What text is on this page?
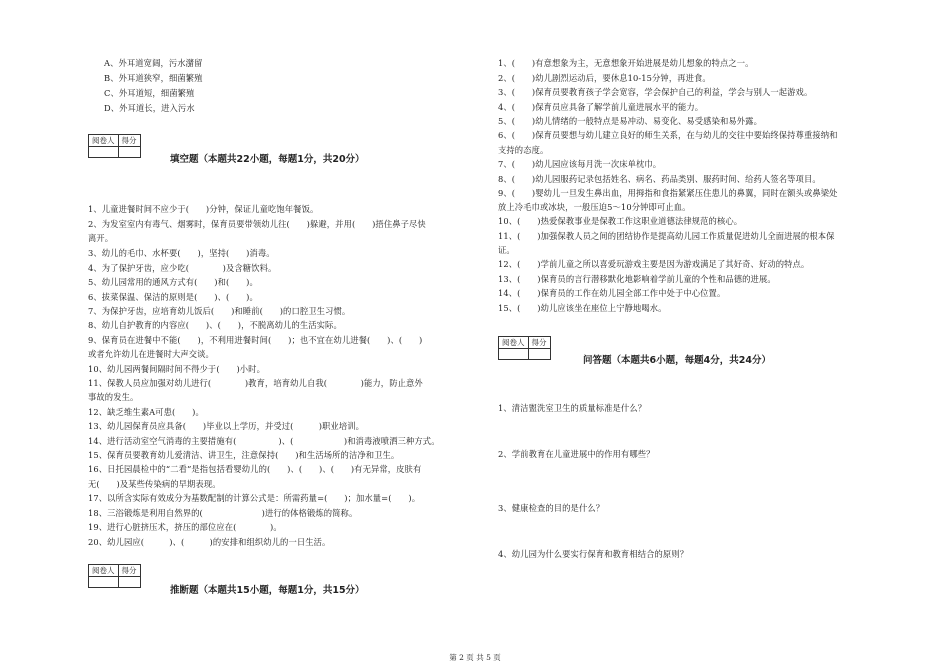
A、外耳道宽阔，污水潴留
B、外耳道狭窄，细菌繁殖
C、外耳道短，细菌繁殖
D、外耳道长，进入污水
阅卷人	得分

填空题（本题共22小题，每题1分，共20分）
1、儿童进餐时间不应少于(　　)分钟，保证儿童吃饱年餐饭。
2、为发室室内有毒气、烟雾时，保育员要带领幼儿往(　　)躲避，并用(　　)捂住鼻子尽快
离开。
3、幼儿的毛巾、水杯要(　　)，坚持(　　)消毒。
4、为了保护牙齿，应少吃(　　　　)及含糖饮料。
5、幼儿园常用的通风方式有(　　)和(　　)。
6、拔菜保温、保洁的原则是(　　)、(　　)。
7、为保护牙齿，应培育幼儿饭后(　　)和睡前(　　)的口腔卫生习惯。
8、幼儿自护教育的内容应(　　)、(　　)，不脱离幼儿的生活实际。
9、保育员在进餐中不能(　　)，不利用进餐时间(　　)；也不宜在幼儿进餐(　　)、(　　)
或者允许幼儿在进餐时大声交谈。
10、幼儿园两餐间隔时间不得少于(　　)小时。
11、保教人员应加强对幼儿进行(　　　　)教育，培育幼儿自我(　　　　)能力，防止意外
事故的发生。
12、缺乏维生素A可患(　　)。
13、幼儿园保育员应具备(　　)毕业以上学历，并受过(　　　)职业培训。
14、进行活动室空气消毒的主要措施有(　　　　　)、(　　　　　　)和消毒液喷洒三种方式。
15、保育员要教育幼儿爱清洁、讲卫生，注意保持(　　)和生活场所的洁净和卫生。
16、日托园晨检中的“二看”是指包括看婴幼儿的(　　)、(　　)、(　　)有无异常，皮肤有
无(　　)及某些传染病的早期表现。
17、以所含实际有效成分为基数配制的计算公式是：所需药量=(　　)；加水量=(　　)。
18、三浴锻炼是利用自然界的(　　　　　　　)进行的体格锻炼的简称。
19、进行心脏挤压术，挤压的部位应在(　　　　)。
20、幼儿园应(　　　)、(　　　)的安排和组织幼儿的一日生活。
阅卷人	得分

推断题（本题共15小题，每题1分，共15分）
1、(　　)有意想象为主，无意想象开始进展是幼儿想象的特点之一。
2、(　　)幼儿剧烈运动后，要休息10-15分钟，再进食。
3、(　　)保育员要教育孩子学会宽容，学会保护自己的利益，学会与别人一起游戏。
4、(　　)保育员应具备了解学前儿童进展水平的能力。
5、(　　)幼儿情绪的一般特点是易冲动、易变化、易受感染和易外露。
6、(　　)保育员要想与幼儿建立良好的师生关系，在与幼儿的交往中要始终保持尊重接纳和
支持的态度。
7、(　　)幼儿园应该每月洗一次床单枕巾。
8、(　　)幼儿园服药记录包括姓名、病名、药品类别、服药时间、给药人签名等项目。
9、(　　)婴幼儿一旦发生鼻出血，用拇指和食指紧紧压住患儿的鼻翼，同时在额头或鼻梁处
放上冷毛巾或冰块，一般压迫5～10分钟即可止血。
10、(　　)热爱保教事业是保教工作这职业道德法律规范的核心。
11、(　　)加强保教人员之间的团结协作是提高幼儿园工作质量促进幼儿全面进展的根本保
证。
12、(　　)学前儿童之所以喜爱玩游戏主要是因为游戏满足了其好奇、好动的特点。
13、(　　)保育员的言行潜移默化地影响着学前儿童的个性和品德的进展。
14、(　　)保育员的工作在幼儿园全部工作中处于中心位置。
15、(　　)幼儿应该坐在座位上宁静地喝水。
阅卷人	得分

问答题（本题共6小题，每题4分，共24分）
1、清洁盥洗室卫生的质量标准是什么？
2、学前教育在儿童进展中的作用有哪些？
3、健康检查的目的是什么？
4、幼儿园为什么要实行保育和教育相结合的原则？
第 2 页 共 5 页
